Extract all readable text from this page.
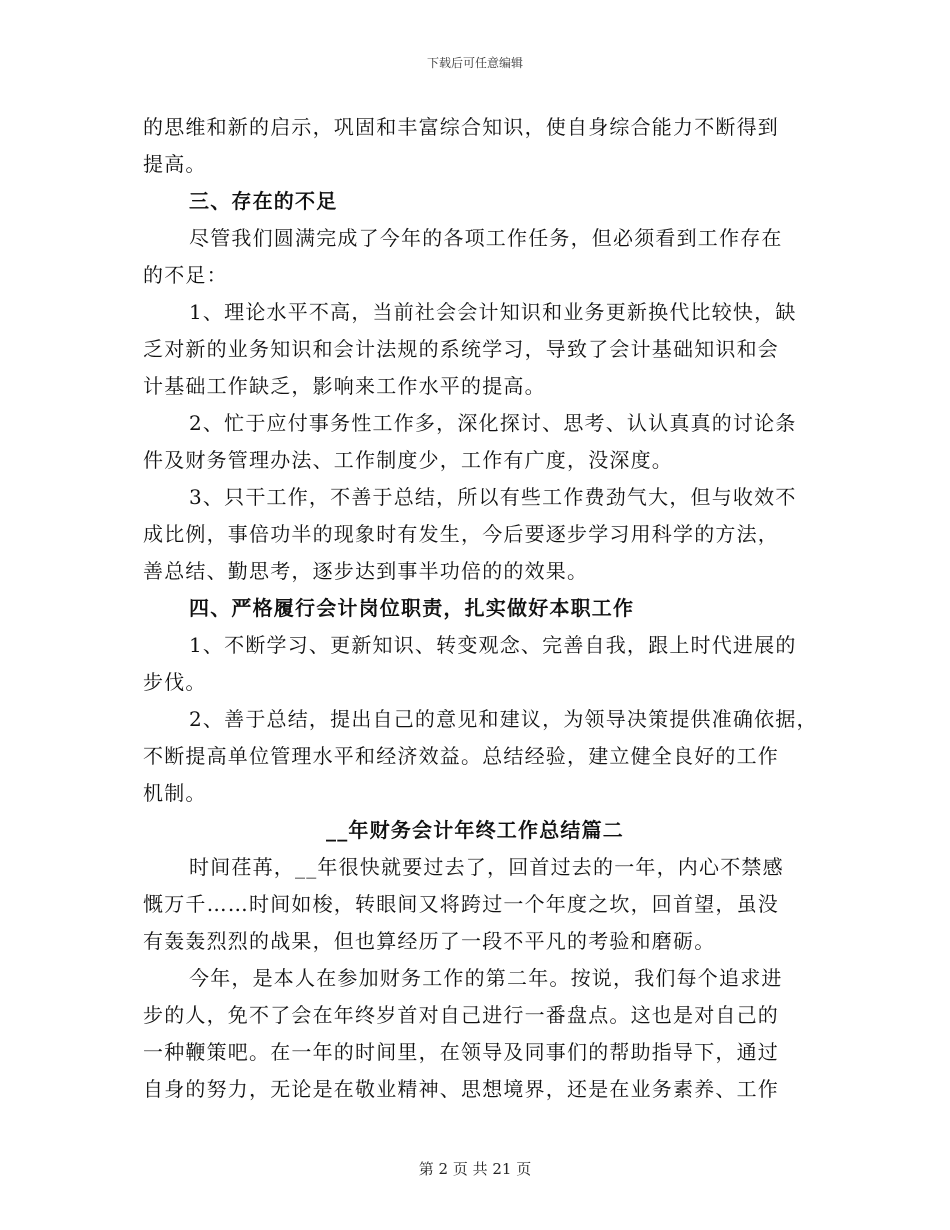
下载后可任意编辑
的思维和新的启示，巩固和丰富综合知识，使自身综合能力不断得到
提高。
三、存在的不足
尽管我们圆满完成了今年的各项工作任务，但必须看到工作存在
的不足：
1、理论水平不高，当前社会会计知识和业务更新换代比较快，缺
乏对新的业务知识和会计法规的系统学习，导致了会计基础知识和会
计基础工作缺乏，影响来工作水平的提高。
2、忙于应付事务性工作多，深化探讨、思考、认认真真的讨论条
件及财务管理办法、工作制度少，工作有广度，没深度。
3、只干工作，不善于总结，所以有些工作费劲气大，但与收效不
成比例，事倍功半的现象时有发生，今后要逐步学习用科学的方法，
善总结、勤思考，逐步达到事半功倍的的效果。
四、严格履行会计岗位职责，扎实做好本职工作
1、不断学习、更新知识、转变观念、完善自我，跟上时代进展的
步伐。
2、善于总结，提出自己的意见和建议，为领导决策提供准确依据，
不断提高单位管理水平和经济效益。总结经验，建立健全良好的工作
机制。
__年财务会计年终工作总结篇二
时间荏苒，__年很快就要过去了，回首过去的一年，内心不禁感
慨万千……时间如梭，转眼间又将跨过一个年度之坎，回首望，虽没
有轰轰烈烈的战果，但也算经历了一段不平凡的考验和磨砺。
今年，是本人在参加财务工作的第二年。按说，我们每个追求进
步的人，免不了会在年终岁首对自己进行一番盘点。这也是对自己的
一种鞭策吧。在一年的时间里，在领导及同事们的帮助指导下，通过
自身的努力，无论是在敬业精神、思想境界，还是在业务素养、工作
第 2 页 共 21 页
